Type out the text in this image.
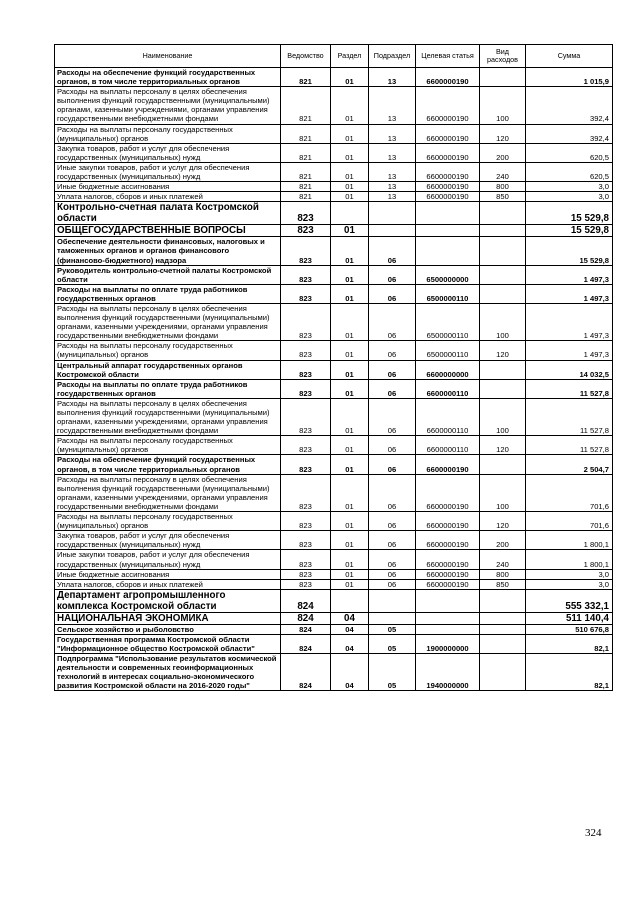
Наименование	Ведомство	Раздел	Подраздел	Целевая статья	Вид расходов	Сумма
Расходы на обеспечение функций государственных органов, в том числе территориальных органов	821	01	13	6600000190		1 015,9
Расходы на выплаты персоналу в целях обеспечения выполнения функций государственными (муниципальными) органами, казенными учреждениями, органами управления государственными внебюджетными фондами	821	01	13	6600000190	100	392,4
Расходы на выплаты персоналу государственных (муниципальных) органов	821	01	13	6600000190	120	392,4
Закупка товаров, работ и услуг для обеспечения государственных (муниципальных) нужд	821	01	13	6600000190	200	620,5
Иные закупки товаров, работ и услуг для обеспечения государственных (муниципальных) нужд	821	01	13	6600000190	240	620,5
Иные бюджетные ассигнования	821	01	13	6600000190	800	3,0
Уплата налогов, сборов и иных платежей	821	01	13	6600000190	850	3,0
Контрольно-счетная палата Костромской области	823					15 529,8
ОБЩЕГОСУДАРСТВЕННЫЕ ВОПРОСЫ	823	01				15 529,8
Обеспечение деятельности финансовых, налоговых и таможенных органов и органов финансового (финансово-бюджетного) надзора	823	01	06			15 529,8
Руководитель контрольно-счетной палаты Костромской области	823	01	06	6500000000		1 497,3
Расходы на выплаты по оплате труда работников государственных органов	823	01	06	6500000110		1 497,3
Расходы на выплаты персоналу в целях обеспечения выполнения функций государственными (муниципальными) органами, казенными учреждениями, органами управления государственными внебюджетными фондами	823	01	06	6500000110	100	1 497,3
Расходы на выплаты персоналу государственных (муниципальных) органов	823	01	06	6500000110	120	1 497,3
Центральный аппарат государственных органов Костромской области	823	01	06	6600000000		14 032,5
Расходы на выплаты по оплате труда работников государственных органов	823	01	06	6600000110		11 527,8
Расходы на выплаты персоналу в целях обеспечения выполнения функций государственными (муниципальными) органами, казенными учреждениями, органами управления государственными внебюджетными фондами	823	01	06	6600000110	100	11 527,8
Расходы на выплаты персоналу государственных (муниципальных) органов	823	01	06	6600000110	120	11 527,8
Расходы на обеспечение функций государственных органов, в том числе территориальных органов	823	01	06	6600000190		2 504,7
Расходы на выплаты персоналу в целях обеспечения выполнения функций государственными (муниципальными) органами, казенными учреждениями, органами управления государственными внебюджетными фондами	823	01	06	6600000190	100	701,6
Расходы на выплаты персоналу государственных (муниципальных) органов	823	01	06	6600000190	120	701,6
Закупка товаров, работ и услуг для обеспечения государственных (муниципальных) нужд	823	01	06	6600000190	200	1 800,1
Иные закупки товаров, работ и услуг для обеспечения государственных (муниципальных) нужд	823	01	06	6600000190	240	1 800,1
Иные бюджетные ассигнования	823	01	06	6600000190	800	3,0
Уплата налогов, сборов и иных платежей	823	01	06	6600000190	850	3,0
Департамент агропромышленного комплекса Костромской области	824					555 332,1
НАЦИОНАЛЬНАЯ ЭКОНОМИКА	824	04				511 140,4
Сельское хозяйство и рыболовство	824	04	05			510 676,8
Государственная программа Костромской области "Информационное общество Костромской области"	824	04	05	1900000000		82,1
Подпрограмма "Использование результатов космической деятельности и современных геоинформационных технологий в интересах социально-экономического развития Костромской области на 2016-2020 годы"	824	04	05	1940000000		82,1
324
